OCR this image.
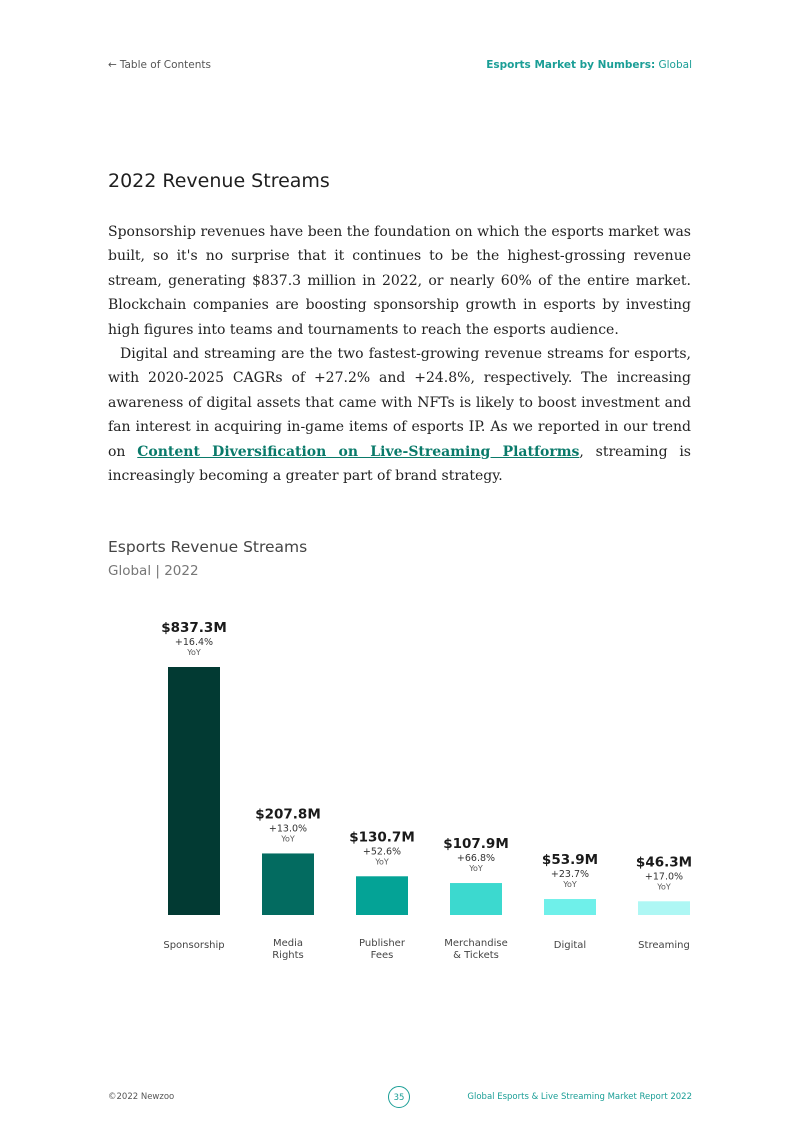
← Table of Contents	Esports Market by Numbers: Global
2022 Revenue Streams

Sponsorship revenues have been the foundation on which the esports market was built, so it's no surprise that it continues to be the highest-grossing revenue stream, generating $837.3 million in 2022, or nearly 60% of the entire market. Blockchain companies are boosting sponsorship growth in esports by investing high figures into teams and tournaments to reach the esports audience.

Digital and streaming are the two fastest-growing revenue streams for esports, with 2020-2025 CAGRs of +27.2% and +24.8%, respectively. The increasing awareness of digital assets that came with NFTs is likely to boost investment and fan interest in acquiring in-game items of esports IP. As we reported in our trend on Content Diversification on Live-Streaming Platforms, streaming is increasingly becoming a greater part of brand strategy.

Esports Revenue Streams
Global | 2022
$837.3M
+16.4%
YoY
Sponsorship
$207.8M
+13.0%
YoY
Media
Rights
$130.7M
+52.6%
YoY
Publisher
Fees
$107.9M
+66.8%
YoY
Merchandise
& Tickets
$53.9M
+23.7%
YoY
Digital
$46.3M
+17.0%
YoY
Streaming
©2022 Newzoo	35	Global Esports & Live Streaming Market Report 2022
